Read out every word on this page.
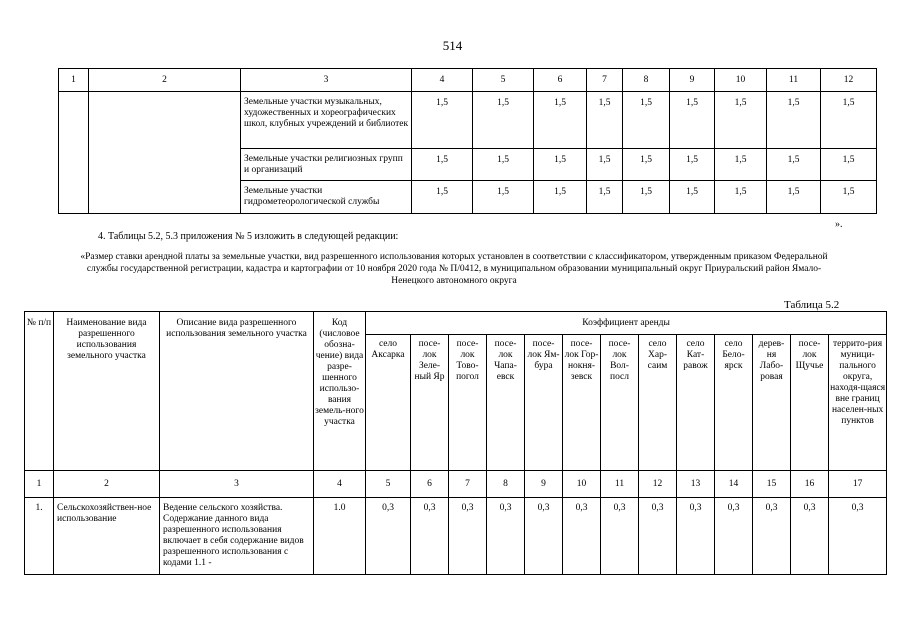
514
1	2	3	4	5	6	7	8	9	10	11	12
		Земельные участки музыкальных, художественных и хореографических школ, клубных учреждений и библиотек	1,5	1,5	1,5	1,5	1,5	1,5	1,5	1,5	1,5
		Земельные участки религиозных групп и организаций	1,5	1,5	1,5	1,5	1,5	1,5	1,5	1,5	1,5
		Земельные участки гидрометеорологической службы	1,5	1,5	1,5	1,5	1,5	1,5	1,5	1,5	1,5
».
4. Таблицы 5.2, 5.3 приложения № 5 изложить в следующей редакции:
«Размер ставки арендной платы за земельные участки, вид разрешенного использования которых установлен в соответствии с классификатором, утвержденным приказом Федеральной службы государственной регистрации, кадастра и картографии от 10 ноября 2020 года № П/0412, в муниципальном образовании муниципальный округ Приуральский район Ямало-Ненецкого автономного округа
Таблица 5.2
№ п/п	Наименование вида разрешенного использования земельного участка	Описание вида разрешенного использования земельного участка	Код (числовое обозна-чение) вида разре-шенного использо-вания земель-ного участка	Коэффициент аренды												
				село Аксарка	посе-лок Зеле-ный Яр	посе-лок Тово-погол	посе-лок Чапа-евск	посе-лок Ям-бура	посе-лок Гор-нокня-зевск	посе-лок Вол-посл	село Хар-саим	село Кат-равож	село Бело-ярск	дерев-ня Лабо-ровая	посе-лок Щучье	террито-рия муници-пального округа, находя-щаяся вне границ населен-ных пунктов
1	2	3	4	5	6	7	8	9	10	11	12	13	14	15	16	17
1.	Сельскохозяйствен-ное использование	Ведение сельского хозяйства. Содержание данного вида разрешенного использования включает в себя содержание видов разрешенного использования с кодами 1.1 -	1.0	0,3	0,3	0,3	0,3	0,3	0,3	0,3	0,3	0,3	0,3	0,3	0,3	0,3
